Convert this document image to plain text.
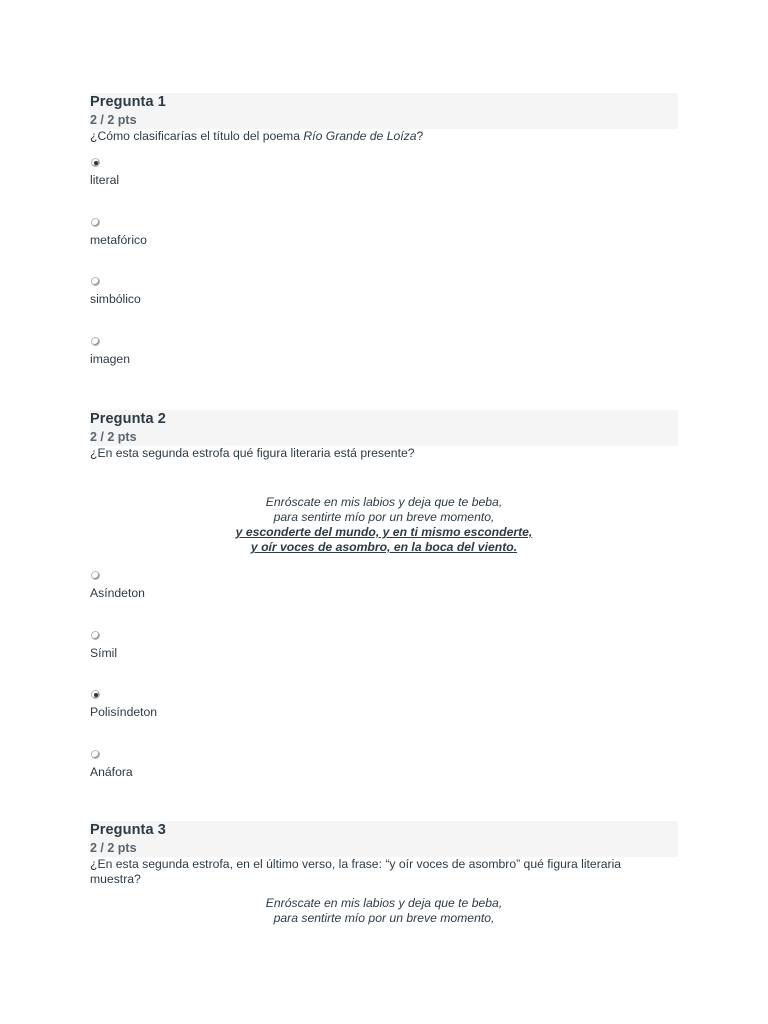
Pregunta 1
2 / 2 pts
¿Cómo clasificarías el título del poema Río Grande de Loíza?
literal
metafórico
simbólico
imagen
Pregunta 2
2 / 2 pts
¿En esta segunda estrofa qué figura literaria está presente?
Enróscate en mis labios y deja que te beba,
para sentirte mío por un breve momento,
y esconderte del mundo, y en ti mismo esconderte,
y oír voces de asombro, en la boca del viento.
Asíndeton
Símil
Polisíndeton
Anáfora
Pregunta 3
2 / 2 pts
¿En esta segunda estrofa, en el último verso, la frase: “y oír voces de asombro” qué figura literaria muestra?
Enróscate en mis labios y deja que te beba,
para sentirte mío por un breve momento,
